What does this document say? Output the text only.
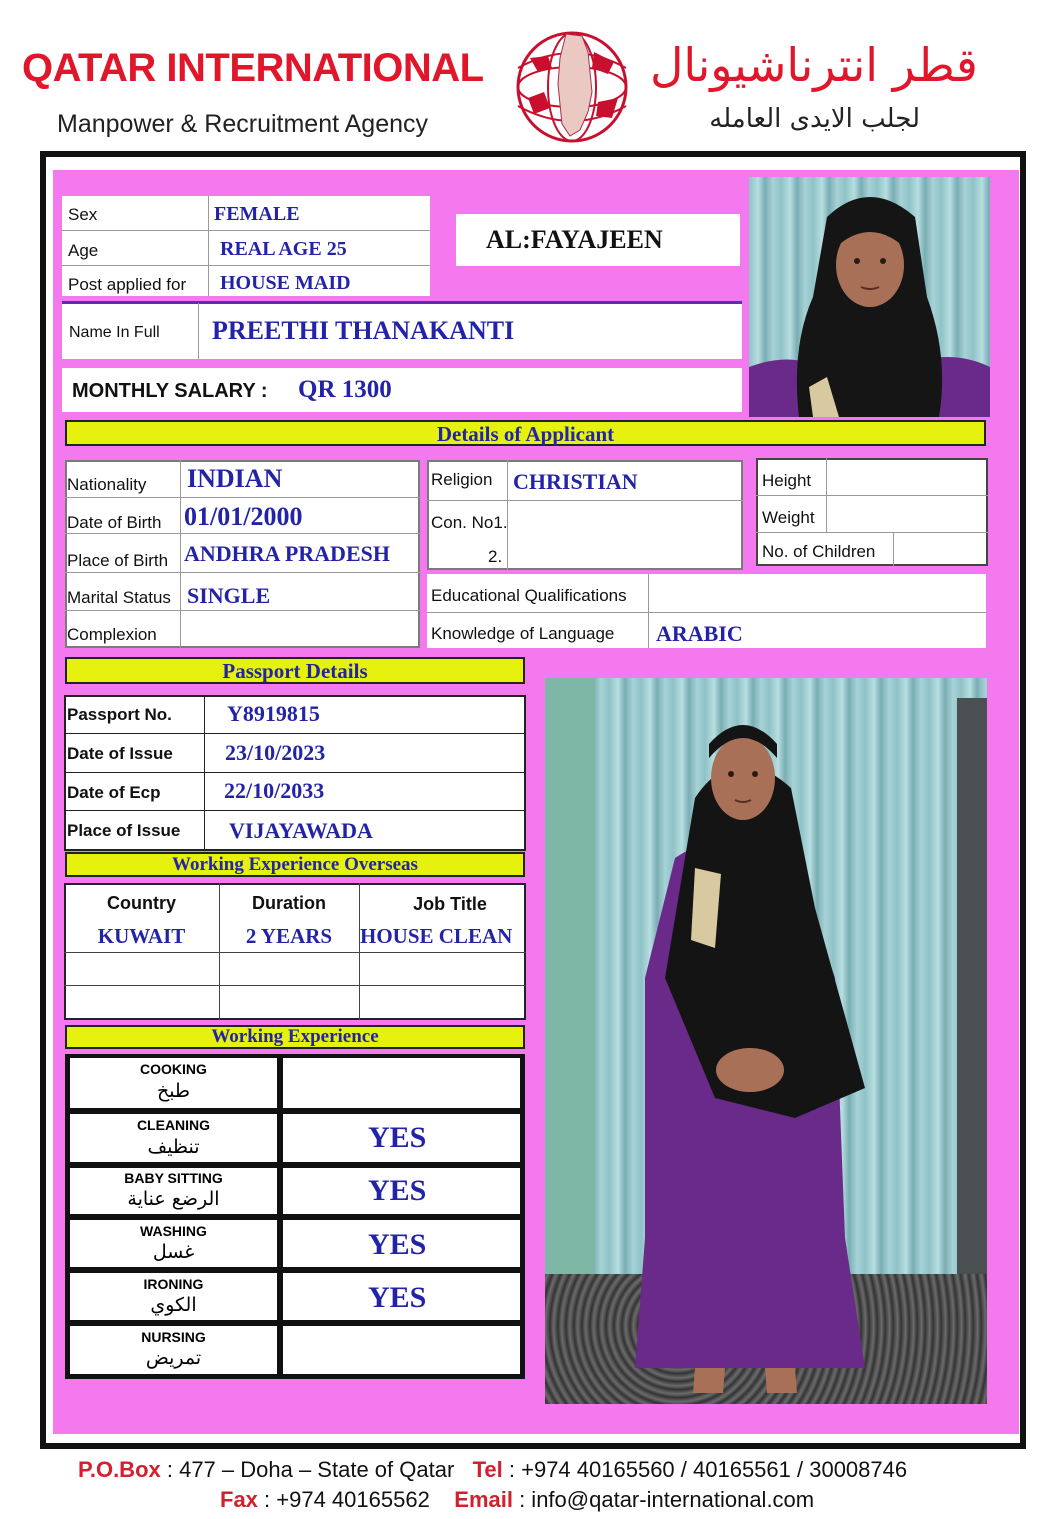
QATAR INTERNATIONAL
Manpower & Recruitment Agency
قطر انترناشيونال
لجلب الايدى العامله
Sex	FEMALE
Age	REAL AGE 25
Post applied for HOUSE MAID
AL:FAYAJEEN
Name In Full PREETHI THANAKANTI
MONTHLY SALARY : QR 1300
Details of Applicant
Nationality INDIAN
Date of Birth 01/01/2000
Place of Birth ANDHRA PRADESH
Marital Status SINGLE
Complexion
Religion CHRISTIAN
Con. No1.
2.
Height
Weight
No. of Children
Educational Qualifications
Knowledge of Language ARABIC
Passport Details
Passport No.	Y8919815
Date of Issue 23/10/2023
Date of Ecp	22/10/2033
Place of Issue VIJAYAWADA
Working Experience Overseas
Country	Duration	Job Title
KUWAIT	2 YEARS	HOUSE CLEAN
Working Experience
COOKING
طبخ
CLEANING
تنظيف	YES
BABY SITTING
الرضع عناية	YES
WASHING
غسل	YES
IRONING
الكوي	YES
NURSING
تمريض
P.O.Box : 477 – Doha – State of Qatar Tel : +974 40165560 / 40165561 / 30008746
Fax : +974 40165562 Email : info@qatar-international.com
